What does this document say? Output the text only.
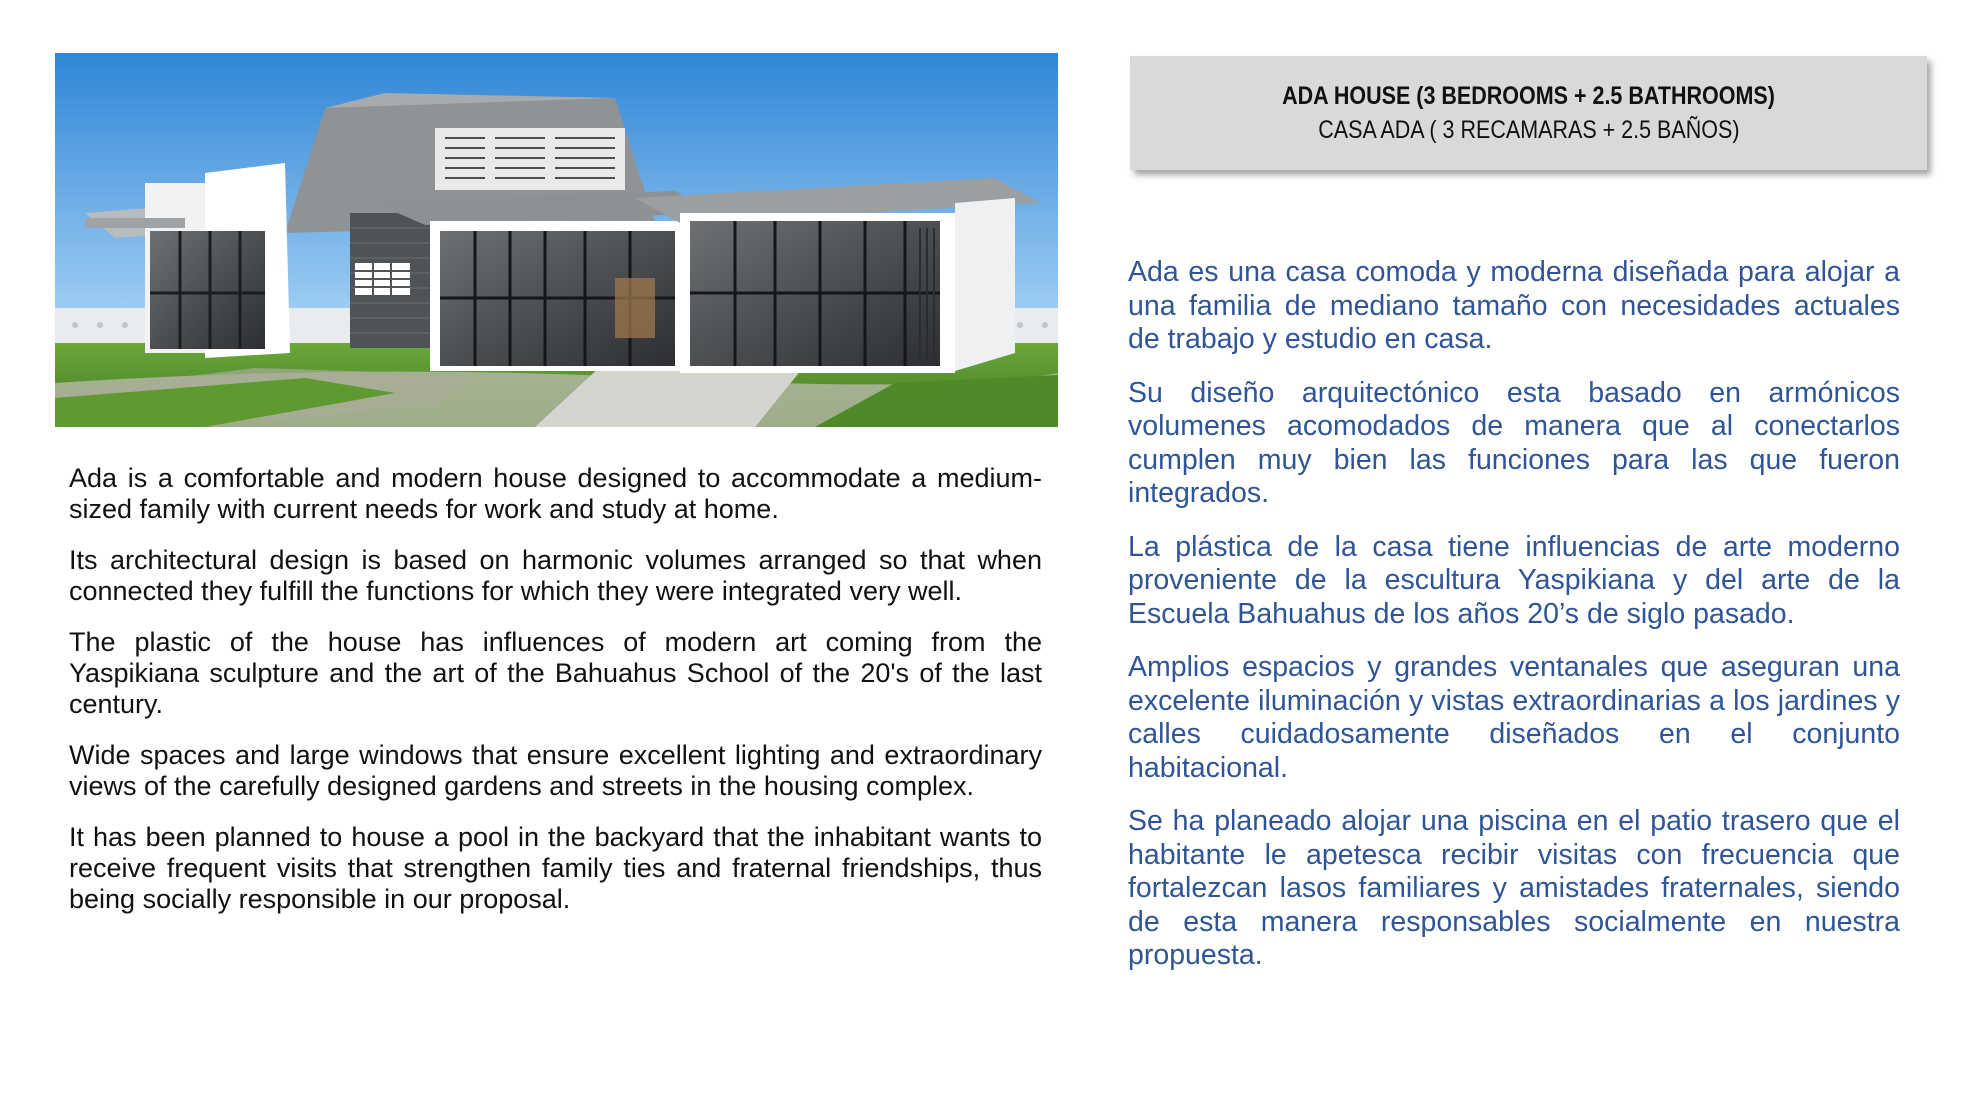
ADA HOUSE (3 BEDROOMS + 2.5 BATHROOMS)
CASA ADA ( 3 RECAMARAS + 2.5 BAÑOS)

Ada is a comfortable and modern house designed to accommodate a medium-sized family with current needs for work and study at home.

Its architectural design is based on harmonic volumes arranged so that when connected they fulfill the functions for which they were integrated very well.

The plastic of the house has influences of modern art coming from the Yaspikiana sculpture and the art of the Bahuahus School of the 20's of the last century.

Wide spaces and large windows that ensure excellent lighting and extraordinary views of the carefully designed gardens and streets in the housing complex.

It has been planned to house a pool in the backyard that the inhabitant wants to receive frequent visits that strengthen family ties and fraternal friendships, thus being socially responsible in our proposal.

Ada es una casa comoda y moderna diseñada para alojar a una familia de mediano tamaño con necesidades actuales de trabajo y estudio en casa.

Su diseño arquitectónico esta basado en armónicos volumenes acomodados de manera que al conectarlos cumplen muy bien las funciones para las que fueron integrados.

La plástica de la casa tiene influencias de arte moderno proveniente de la escultura Yaspikiana y del arte de la Escuela Bahuahus de los años 20’s de siglo pasado.

Amplios espacios y grandes ventanales que aseguran una excelente iluminación y vistas extraordinarias a los jardines y calles cuidadosamente diseñados en el conjunto habitacional.

Se ha planeado alojar una piscina en el patio trasero que el habitante le apetesca recibir visitas con frecuencia que fortalezcan lasos familiares y amistades fraternales, siendo de esta manera responsables socialmente en nuestra propuesta.
